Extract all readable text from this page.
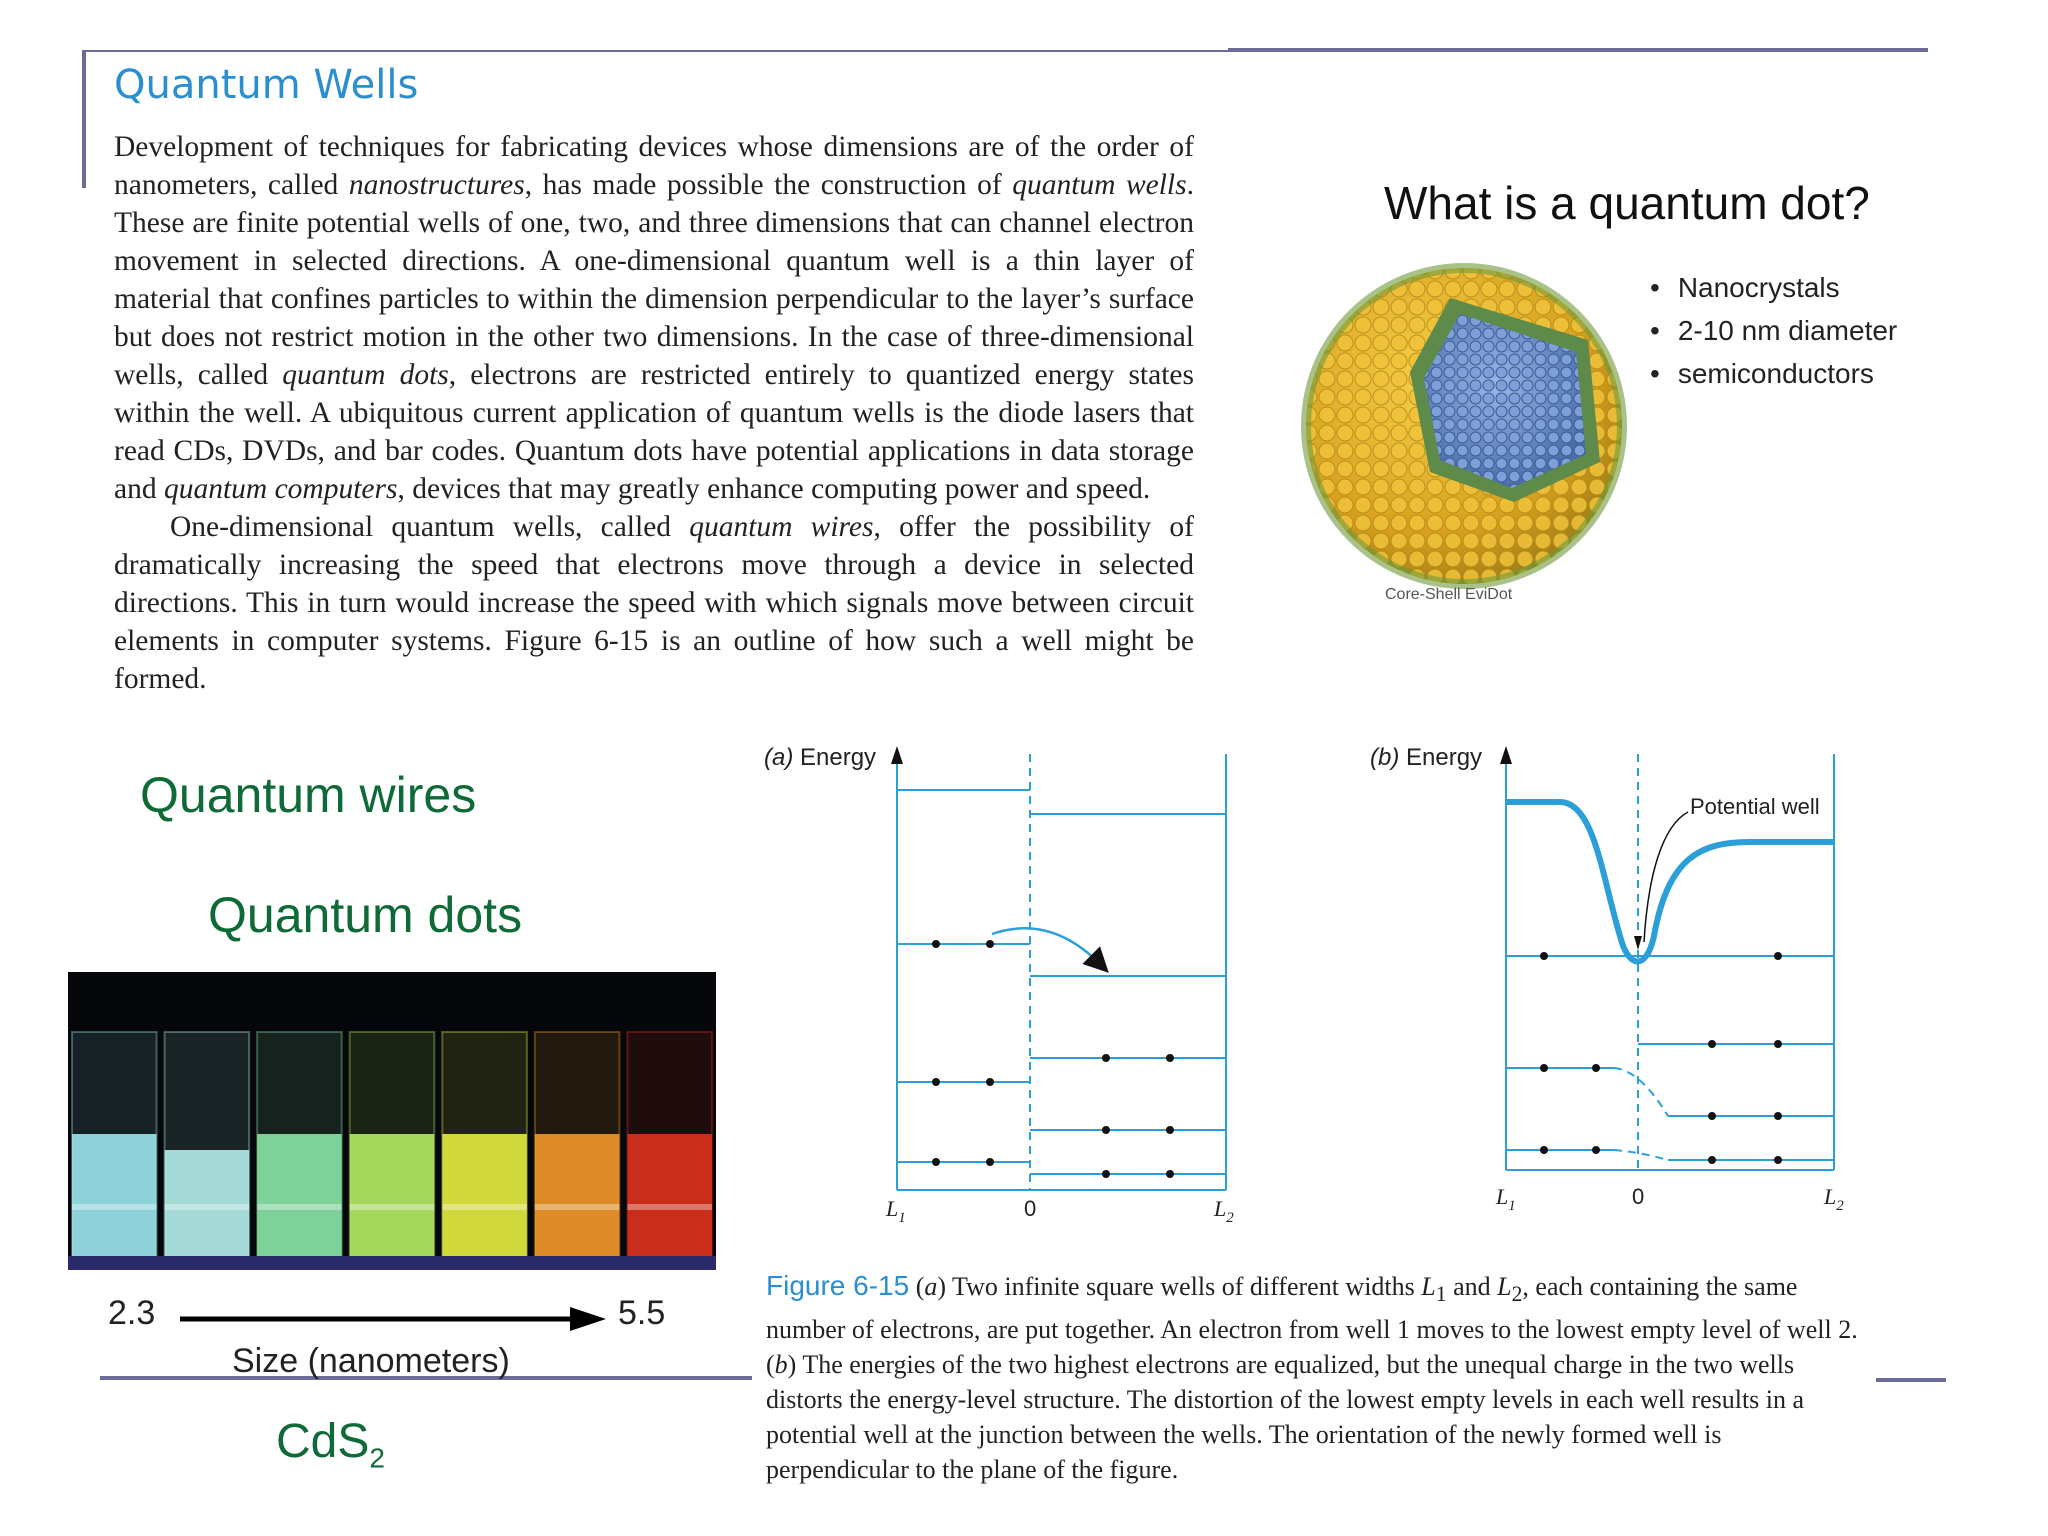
Quantum Wells

Development of techniques for fabricating devices whose dimensions are of the order of nanometers, called nanostructures, has made possible the construction of quantum wells. These are finite potential wells of one, two, and three dimensions that can channel electron movement in selected directions. A one-dimensional quantum well is a thin layer of material that confines particles to within the dimension perpendicular to the layer’s surface but does not restrict motion in the other two dimensions. In the case of three-dimensional wells, called quantum dots, electrons are restricted entirely to quantized energy states within the well. A ubiquitous current application of quantum wells is the diode lasers that read CDs, DVDs, and bar codes. Quantum dots have potential applications in data storage and quantum computers, devices that may greatly enhance computing power and speed.

One-dimensional quantum wells, called quantum wires, offer the possibility of dramatically increasing the speed that electrons move through a device in selected directions. This in turn would increase the speed with which signals move between circuit elements in computer systems. Figure 6-15 is an outline of how such a well might be formed.

What is a quantum dot?
• Nanocrystals
• 2-10 nm diameter
• semiconductors
Core-Shell EviDot
Quantum wires
Quantum dots
2.3	5.5
Size (nanometers)
CdS$_2$
(a) Energy	(b) Energy
$L_1$	0	$L_2$
Potential well
$L_1$	0	$L_2$
Figure 6-15 (a) Two infinite square wells of different widths $L_1$ and $L_2$, each containing the same number of electrons, are put together. An electron from well 1 moves to the lowest empty level of well 2. (b) The energies of the two highest electrons are equalized, but the unequal charge in the two wells distorts the energy-level structure. The distortion of the lowest empty levels in each well results in a potential well at the junction between the wells. The orientation of the newly formed well is perpendicular to the plane of the figure.
